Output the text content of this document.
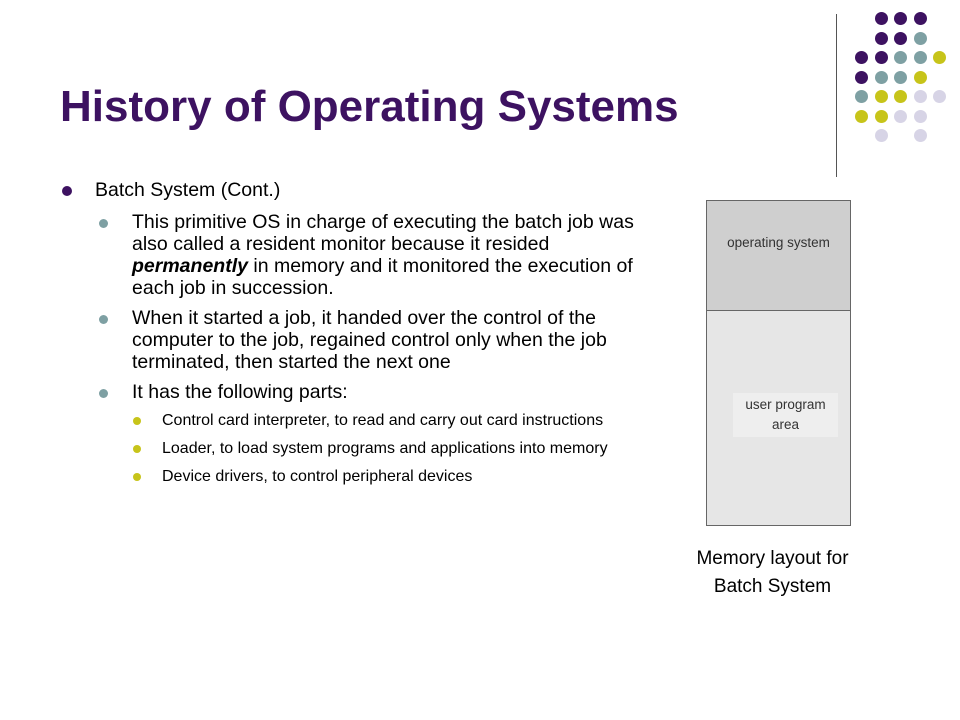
History of Operating Systems
Batch System (Cont.)
This primitive OS in charge of executing the batch job was also called a resident monitor because it resided permanently in memory and it monitored the execution of each job in succession.
When it started a job, it handed over the control of the computer to the job, regained control only when the job terminated, then started the next one
It has the following parts:
Control card interpreter, to read and carry out card instructions
Loader, to load system programs and applications into memory
Device drivers, to control peripheral devices
operating system
user program area
Memory layout for Batch System
